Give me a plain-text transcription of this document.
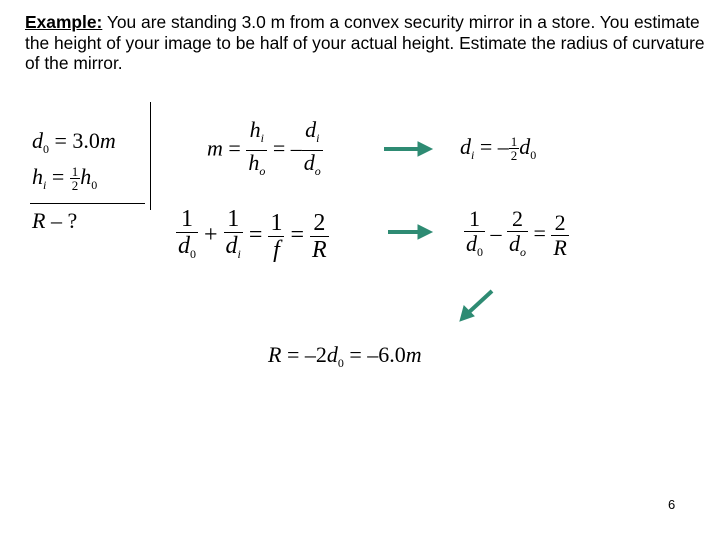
Example: You are standing 3.0 m from a convex security mirror in a store. You estimate the height of your image to be half of your actual height. Estimate the radius of curvature of the mirror.
$d_0 = 3.0m$
$h_i = \frac{1}{2} h_0$
R – ?
$m = \frac{h_i}{h_o}$ = – $\frac{d_i}{d_o}$	$d_i$ = – $\frac{1}{2} d_0$
$\frac{1}{d_0} + \frac{1}{d_i} = \frac{1}{f} = \frac{2}{R}$	$\frac{1}{d_0} - \frac{2}{d_o} = \frac{2}{R}$
$R = -2d_0 = -6.0m$
6
